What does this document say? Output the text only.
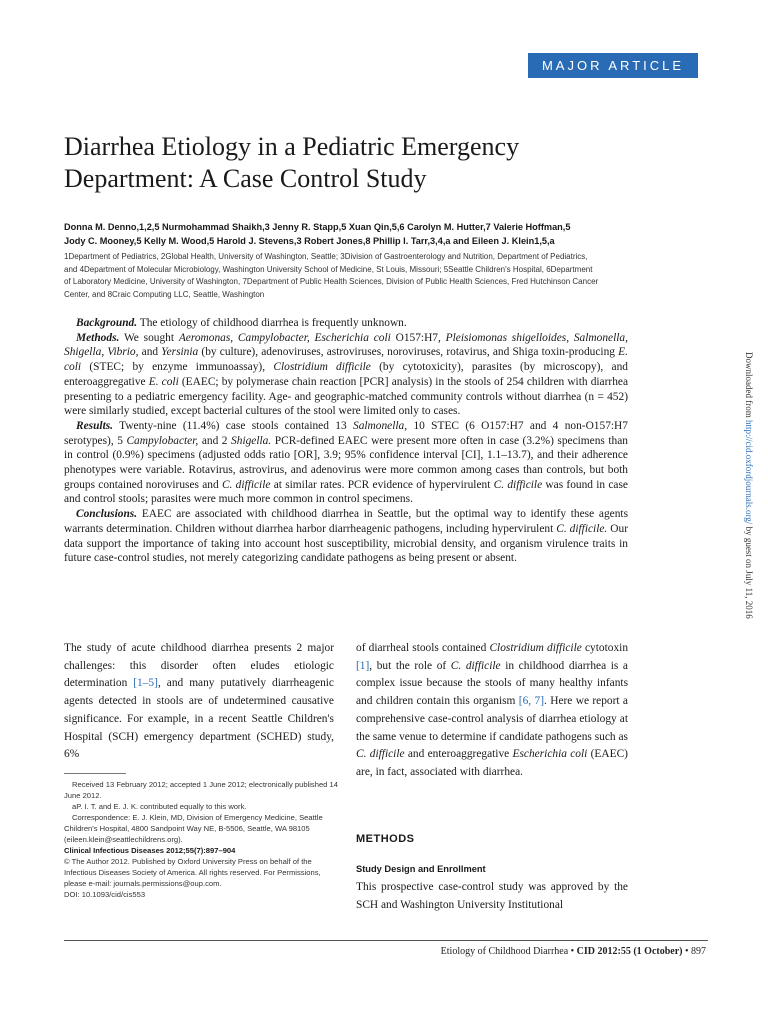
MAJOR ARTICLE
Diarrhea Etiology in a Pediatric Emergency
Department: A Case Control Study
Donna M. Denno,1,2,5 Nurmohammad Shaikh,3 Jenny R. Stapp,5 Xuan Qin,5,6 Carolyn M. Hutter,7 Valerie Hoffman,5
Jody C. Mooney,5 Kelly M. Wood,5 Harold J. Stevens,3 Robert Jones,8 Phillip I. Tarr,3,4,a and Eileen J. Klein1,5,a
1Department of Pediatrics, 2Global Health, University of Washington, Seattle; 3Division of Gastroenterology and Nutrition, Department of Pediatrics,
and 4Department of Molecular Microbiology, Washington University School of Medicine, St Louis, Missouri; 5Seattle Children's Hospital, 6Department
of Laboratory Medicine, University of Washington, 7Department of Public Health Sciences, Division of Public Health Sciences, Fred Hutchinson Cancer
Center, and 8Craic Computing LLC, Seattle, Washington

Background. The etiology of childhood diarrhea is frequently unknown.

Methods. We sought Aeromonas, Campylobacter, Escherichia coli O157:H7, Pleisiomonas shigelloides, Salmonella, Shigella, Vibrio, and Yersinia (by culture), adenoviruses, astroviruses, noroviruses, rotavirus, and Shiga toxin-producing E. coli (STEC; by enzyme immunoassay), Clostridium difficile (by cytotoxicity), parasites (by microscopy), and enteroaggregative E. coli (EAEC; by polymerase chain reaction [PCR] analysis) in the stools of 254 children with diarrhea presenting to a pediatric emergency facility. Age- and geographic-matched community controls without diarrhea (n = 452) were similarly studied, except bacterial cultures of the stool were limited only to cases.

Results. Twenty-nine (11.4%) case stools contained 13 Salmonella, 10 STEC (6 O157:H7 and 4 non-O157:H7 serotypes), 5 Campylobacter, and 2 Shigella. PCR-defined EAEC were present more often in case (3.2%) specimens than in control (0.9%) specimens (adjusted odds ratio [OR], 3.9; 95% confidence interval [CI], 1.1–13.7), and their adherence phenotypes were variable. Rotavirus, astrovirus, and adenovirus were more common among cases than controls, but both groups contained noroviruses and C. difficile at similar rates. PCR evidence of hypervirulent C. difficile was found in case and control stools; parasites were much more common in control specimens.

Conclusions. EAEC are associated with childhood diarrhea in Seattle, but the optimal way to identify these agents warrants determination. Children without diarrhea harbor diarrheagenic pathogens, including hypervirulent C. difficile. Our data support the importance of taking into account host susceptibility, microbial density, and organism virulence traits in future case-control studies, not merely categorizing candidate pathogens as being present or absent.

Downloaded from http://cid.oxfordjournals.org/ by guest on July 11, 2016

The study of acute childhood diarrhea presents 2 major challenges: this disorder often eludes etiologic determination [1–5], and many putatively diarrheagenic agents detected in stools are of undetermined causative significance. For example, in a recent Seattle Children's Hospital (SCH) emergency department (SCHED) study, 6%

of diarrheal stools contained Clostridium difficile cytotoxin [1], but the role of C. difficile in childhood diarrhea is a complex issue because the stools of many healthy infants and children contain this organism [6, 7]. Here we report a comprehensive case-control analysis of diarrhea etiology at the same venue to determine if candidate pathogens such as C. difficile and enteroaggregative Escherichia coli (EAEC) are, in fact, associated with diarrhea.

Received 13 February 2012; accepted 1 June 2012; electronically published 14 June 2012.

aP. I. T. and E. J. K. contributed equally to this work.

Correspondence: E. J. Klein, MD, Division of Emergency Medicine, Seattle Children's Hospital, 4800 Sandpoint Way NE, B-5506, Seattle, WA 98105 (eileen.klein@seattlechildrens.org).

Clinical Infectious Diseases 2012;55(7):897–904

© The Author 2012. Published by Oxford University Press on behalf of the Infectious Diseases Society of America. All rights reserved. For Permissions, please e-mail: journals.permissions@oup.com.

DOI: 10.1093/cid/cis553

METHODS
Study Design and Enrollment

This prospective case-control study was approved by the SCH and Washington University Institutional

Etiology of Childhood Diarrhea • CID 2012:55 (1 October) • 897
